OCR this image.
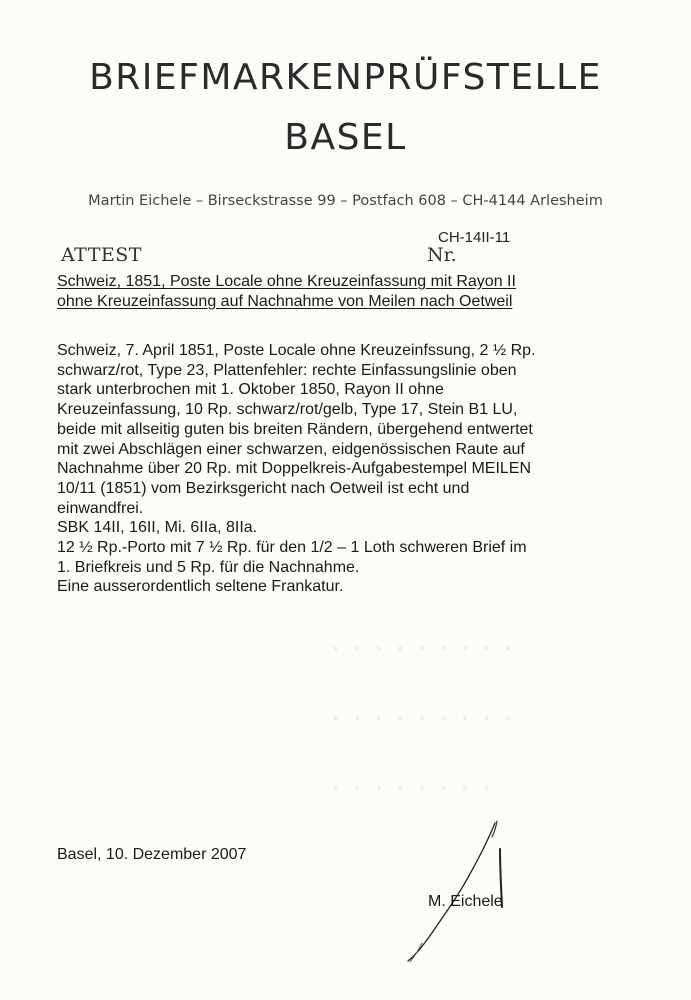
· · · · · · · · ·
· · · · · · · · ·
· · · · · · · ·
BRIEFMARKENPRÜFSTELLE
BASEL
Martin Eichele – Birseckstrasse 99 – Postfach 608 – CH-4144 Arlesheim
CH-14II-11
ATTEST	Nr.
Schweiz, 1851, Poste Locale ohne Kreuzeinfassung mit Rayon II
ohne Kreuzeinfassung auf Nachnahme von Meilen nach Oetweil
Schweiz, 7. April 1851, Poste Locale ohne Kreuzeinfssung, 2 ½ Rp.
schwarz/rot, Type 23, Plattenfehler: rechte Einfassungslinie oben
stark unterbrochen mit 1. Oktober 1850, Rayon II ohne
Kreuzeinfassung, 10 Rp. schwarz/rot/gelb, Type 17, Stein B1 LU,
beide mit allseitig guten bis breiten Rändern, übergehend entwertet
mit zwei Abschlägen einer schwarzen, eidgenössischen Raute auf
Nachnahme über 20 Rp. mit Doppelkreis-Aufgabestempel MEILEN
10/11 (1851) vom Bezirksgericht nach Oetweil ist echt und
einwandfrei.
SBK 14II, 16II, Mi. 6IIa, 8IIa.
12 ½ Rp.-Porto mit 7 ½ Rp. für den 1/2 – 1 Loth schweren Brief im
1. Briefkreis und 5 Rp. für die Nachnahme.
Eine ausserordentlich seltene Frankatur.
Basel, 10. Dezember 2007
M. Eichele
